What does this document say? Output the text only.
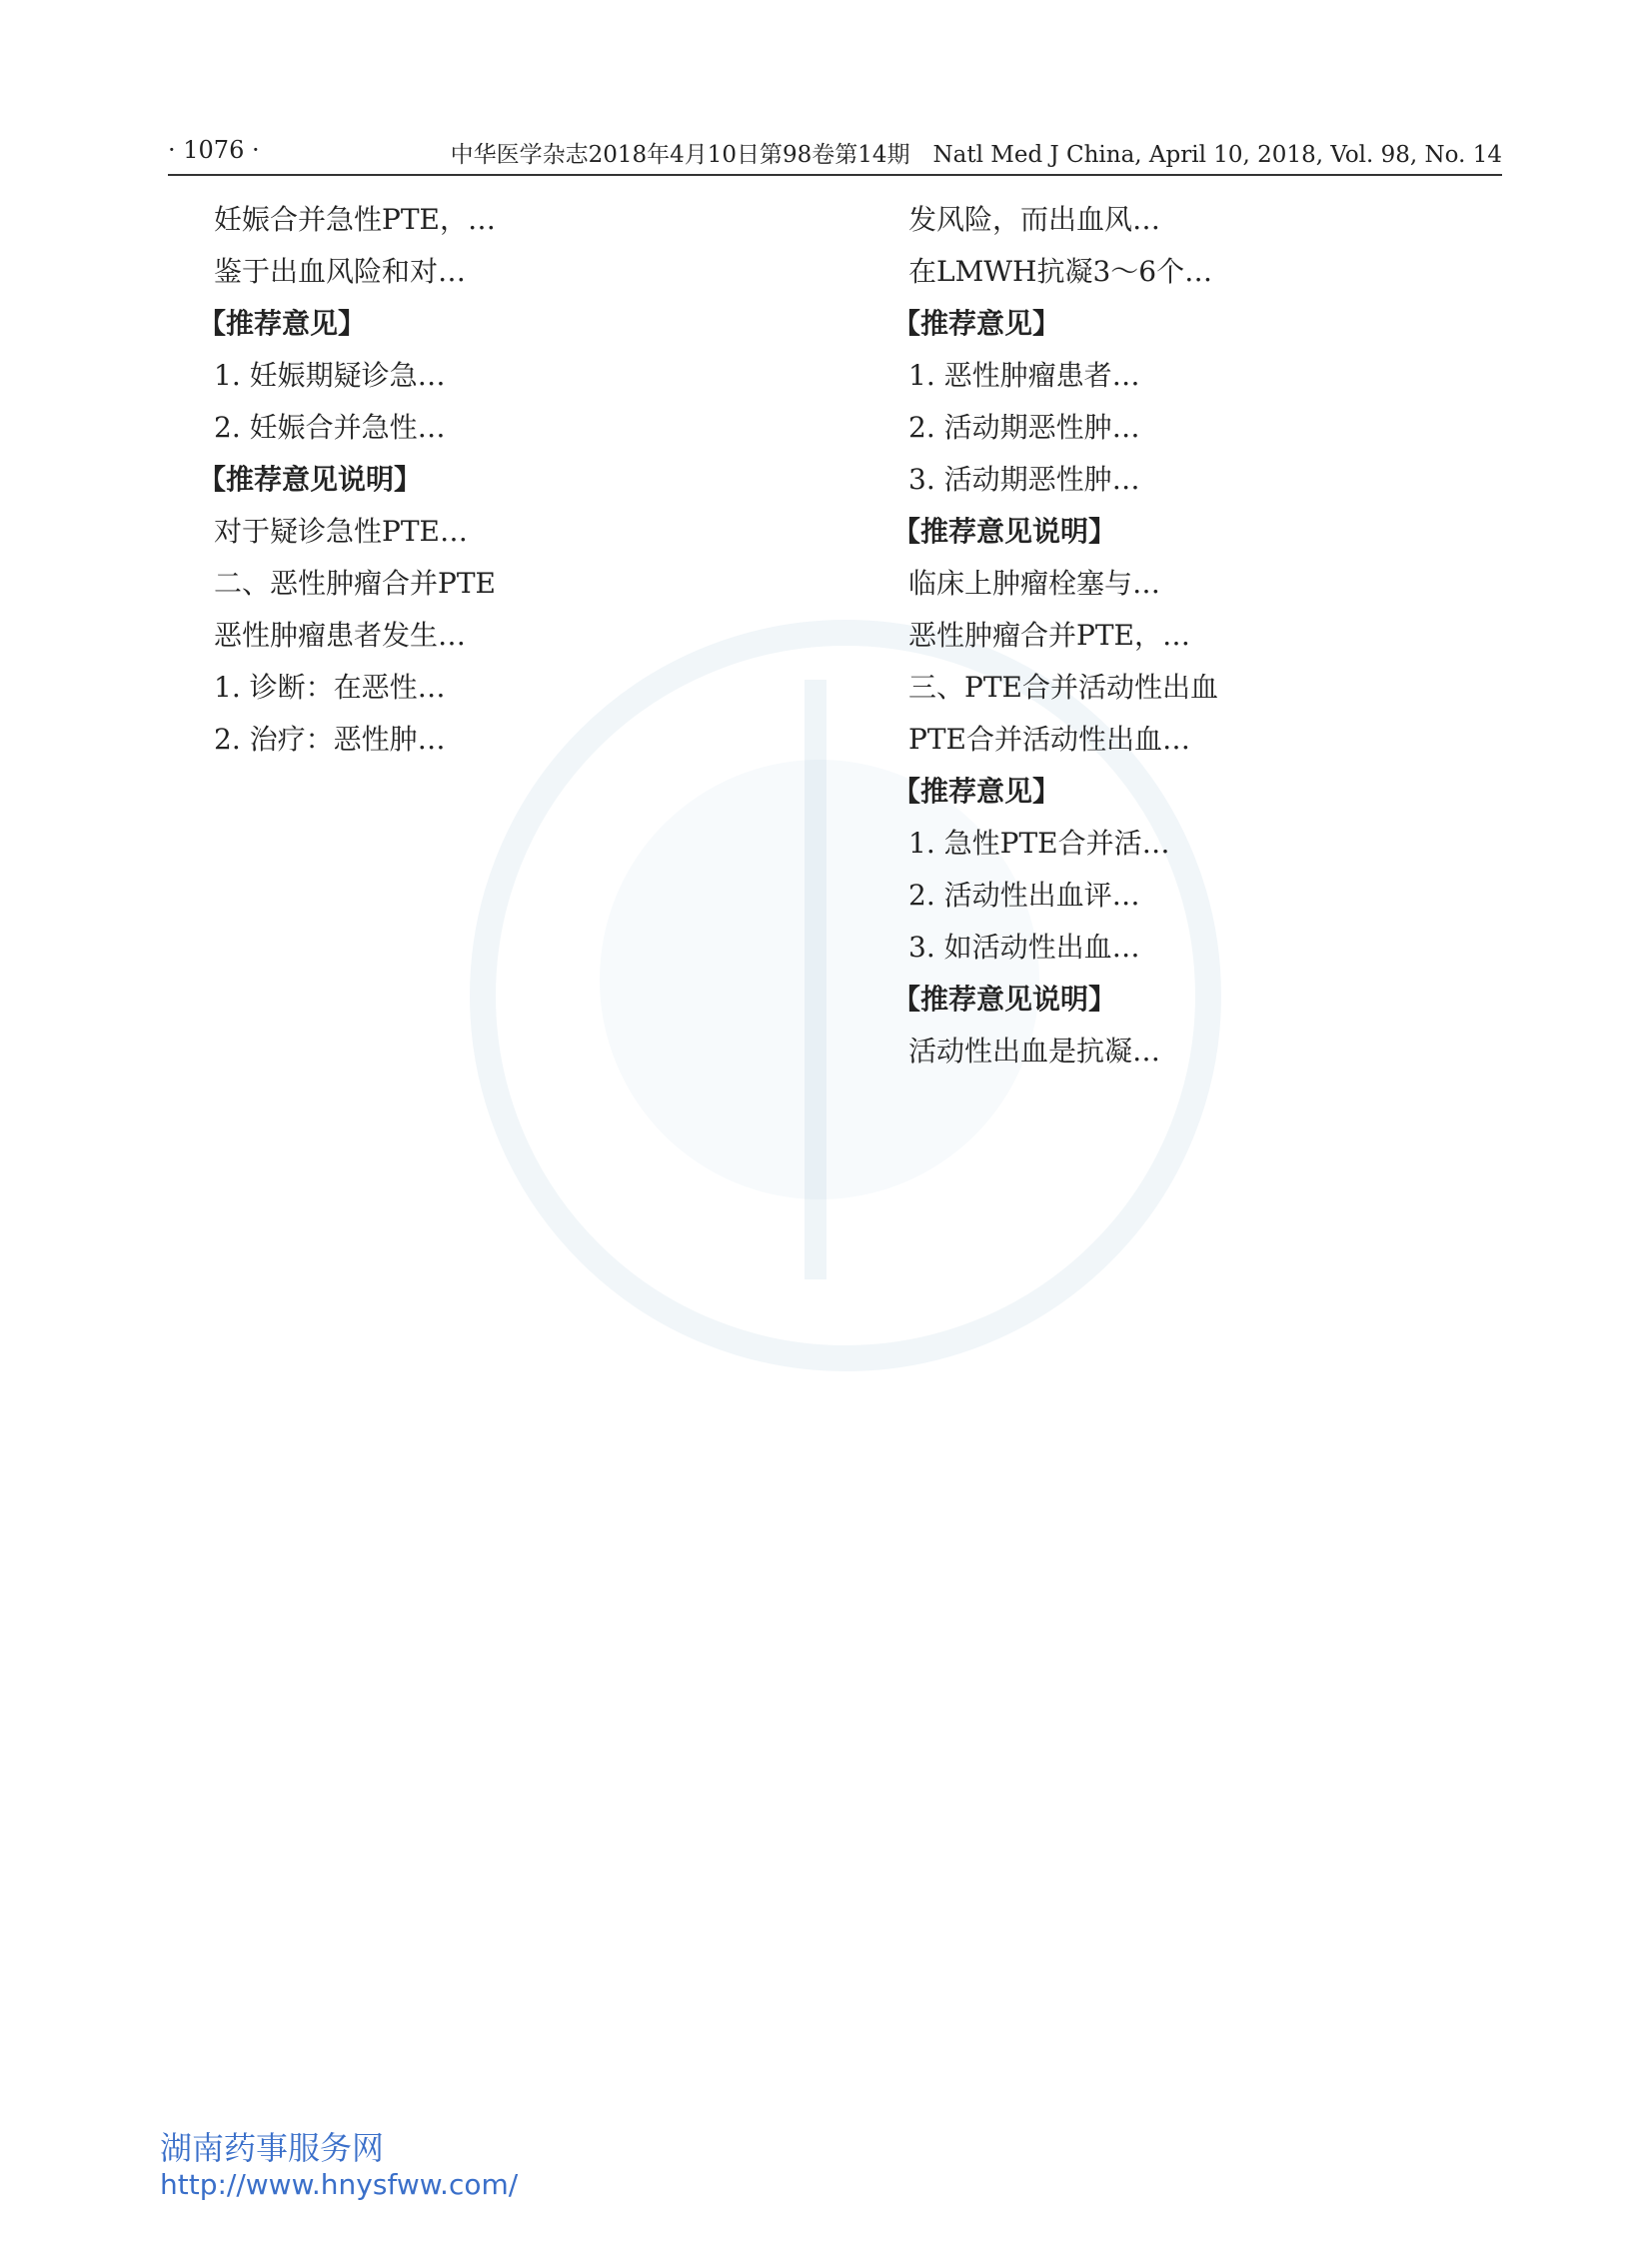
· 1076 ·	中华医学杂志2018年4月10日第98卷第14期　Natl Med J China, April 10, 2018, Vol. 98, No. 14

妊娠合并急性PTE，…

鉴于出血风险和对…

【推荐意见】

1. 妊娠期疑诊急…

2. 妊娠合并急性…

【推荐意见说明】

对于疑诊急性PTE…

二、恶性肿瘤合并PTE

恶性肿瘤患者发生…

1. 诊断：在恶性…

2. 治疗：恶性肿…

发风险，而出血风…

在LMWH抗凝3～6个…

【推荐意见】

1. 恶性肿瘤患者…

2. 活动期恶性肿…

3. 活动期恶性肿…

【推荐意见说明】

临床上肿瘤栓塞与…

恶性肿瘤合并PTE，…

三、PTE合并活动性出血

PTE合并活动性出血…

【推荐意见】

1. 急性PTE合并活…

2. 活动性出血评…

3. 如活动性出血…

【推荐意见说明】

活动性出血是抗凝…

湖南药事服务网
http://www.hnysfww.com/
